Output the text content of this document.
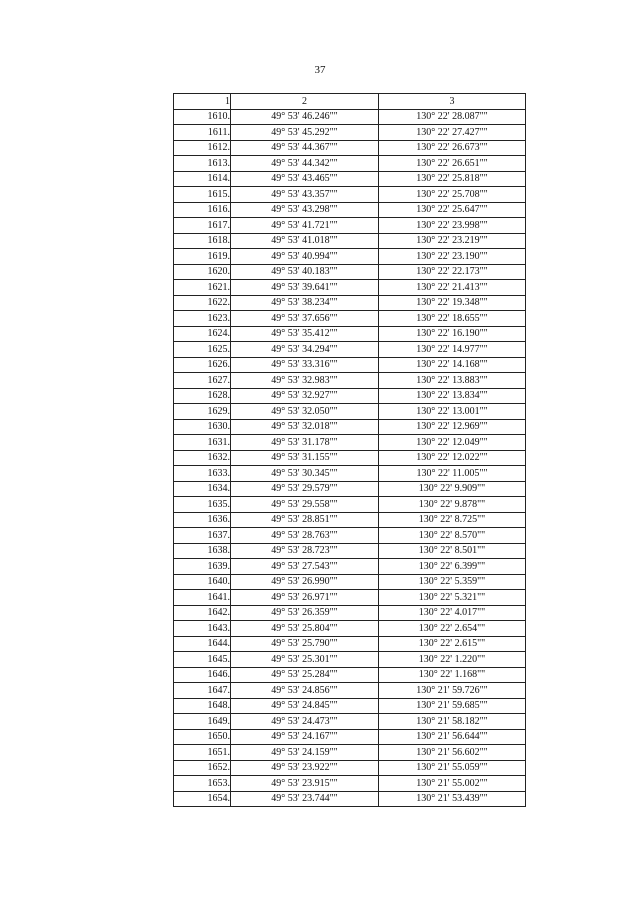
37
1	2	3
1610.	49° 53' 46.246""	130° 22' 28.087""
1611.	49° 53' 45.292""	130° 22' 27.427""
1612.	49° 53' 44.367""	130° 22' 26.673""
1613.	49° 53' 44.342""	130° 22' 26.651""
1614.	49° 53' 43.465""	130° 22' 25.818""
1615.	49° 53' 43.357""	130° 22' 25.708""
1616.	49° 53' 43.298""	130° 22' 25.647""
1617.	49° 53' 41.721""	130° 22' 23.998""
1618.	49° 53' 41.018""	130° 22' 23.219""
1619.	49° 53' 40.994""	130° 22' 23.190""
1620.	49° 53' 40.183""	130° 22' 22.173""
1621.	49° 53' 39.641""	130° 22' 21.413""
1622.	49° 53' 38.234""	130° 22' 19.348""
1623.	49° 53' 37.656""	130° 22' 18.655""
1624.	49° 53' 35.412""	130° 22' 16.190""
1625.	49° 53' 34.294""	130° 22' 14.977""
1626.	49° 53' 33.316""	130° 22' 14.168""
1627.	49° 53' 32.983""	130° 22' 13.883""
1628.	49° 53' 32.927""	130° 22' 13.834""
1629.	49° 53' 32.050""	130° 22' 13.001""
1630.	49° 53' 32.018""	130° 22' 12.969""
1631.	49° 53' 31.178""	130° 22' 12.049""
1632.	49° 53' 31.155""	130° 22' 12.022""
1633.	49° 53' 30.345""	130° 22' 11.005""
1634.	49° 53' 29.579""	130° 22' 9.909""
1635.	49° 53' 29.558""	130° 22' 9.878""
1636.	49° 53' 28.851""	130° 22' 8.725""
1637.	49° 53' 28.763""	130° 22' 8.570""
1638.	49° 53' 28.723""	130° 22' 8.501""
1639.	49° 53' 27.543""	130° 22' 6.399""
1640.	49° 53' 26.990""	130° 22' 5.359""
1641.	49° 53' 26.971""	130° 22' 5.321""
1642.	49° 53' 26.359""	130° 22' 4.017""
1643.	49° 53' 25.804""	130° 22' 2.654""
1644.	49° 53' 25.790""	130° 22' 2.615""
1645.	49° 53' 25.301""	130° 22' 1.220""
1646.	49° 53' 25.284""	130° 22' 1.168""
1647.	49° 53' 24.856""	130° 21' 59.726""
1648.	49° 53' 24.845""	130° 21' 59.685""
1649.	49° 53' 24.473""	130° 21' 58.182""
1650.	49° 53' 24.167""	130° 21' 56.644""
1651.	49° 53' 24.159""	130° 21' 56.602""
1652.	49° 53' 23.922""	130° 21' 55.059""
1653.	49° 53' 23.915""	130° 21' 55.002""
1654.	49° 53' 23.744""	130° 21' 53.439""
